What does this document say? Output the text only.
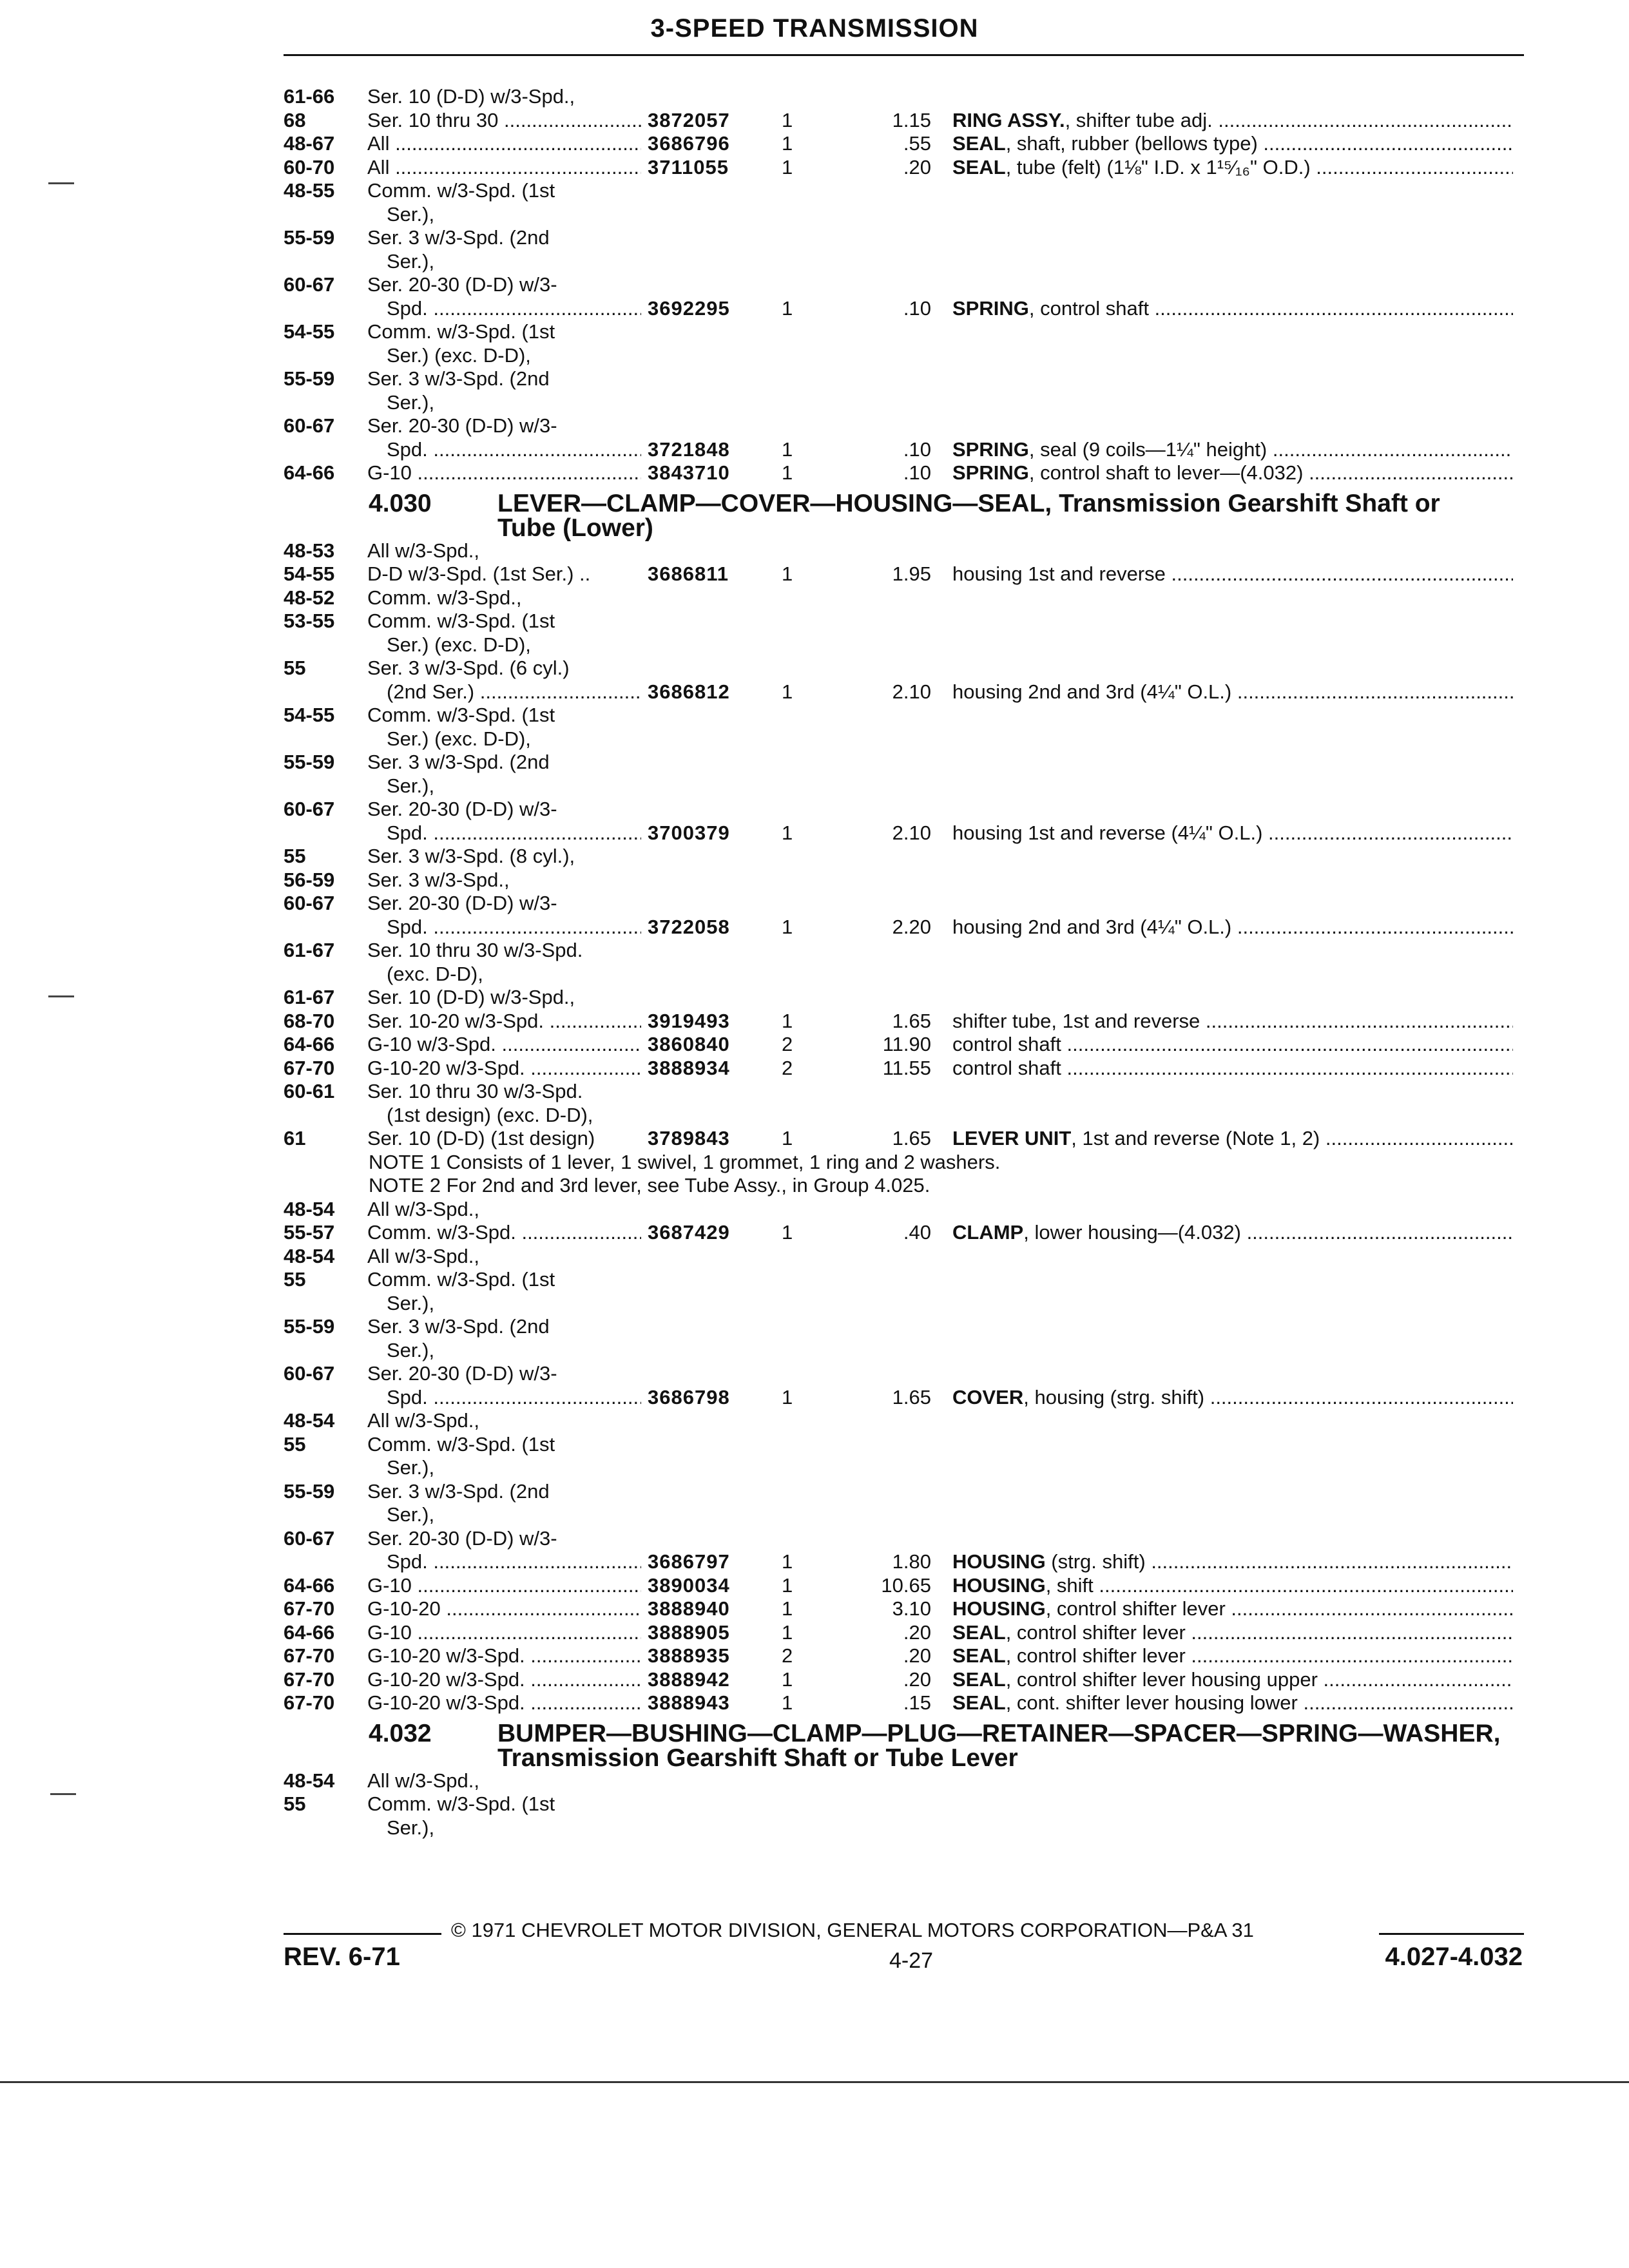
3-SPEED TRANSMISSION
61-66 Ser. 10 (D-D) w/3-Spd.,
68	Ser. 10 thru 30 .....	3872057	1	1.15 RING ASSY., shifter tube adj. .....
48-67 All .....	3686796	1	.55 SEAL, shaft, rubber (bellows type) .....
60-70 All .....	3711055	1	.20 SEAL, tube (felt) (1⅛" I.D. x 1¹⁵⁄₁₆" O.D.) .....
48-55 Comm. w/3-Spd. (1st
Ser.),
55-59 Ser. 3 w/3-Spd. (2nd
Ser.),
60-67 Ser. 20-30 (D-D) w/3-
Spd. .....	3692295	1	.10 SPRING, control shaft .....
54-55 Comm. w/3-Spd. (1st
Ser.) (exc. D-D),
55-59 Ser. 3 w/3-Spd. (2nd
Ser.),
60-67 Ser. 20-30 (D-D) w/3-
Spd. .....	3721848	1	.10 SPRING, seal (9 coils—1¼" height) .....
64-66 G-10 .....	3843710	1	.10 SPRING, control shaft to lever—(4.032) .....
4.030	LEVER—CLAMP—COVER—HOUSING—SEAL, Transmission Gearshift Shaft or Tube (Lower)
48-53 All w/3-Spd.,
54-55 D-D w/3-Spd. (1st Ser.) ..	3686811	1	1.95 housing 1st and reverse .....
48-52 Comm. w/3-Spd.,
53-55 Comm. w/3-Spd. (1st
Ser.) (exc. D-D),
55	Ser. 3 w/3-Spd. (6 cyl.)
(2nd Ser.) .....	3686812	1	2.10 housing 2nd and 3rd (4¼" O.L.) .....
54-55 Comm. w/3-Spd. (1st
Ser.) (exc. D-D),
55-59 Ser. 3 w/3-Spd. (2nd
Ser.),
60-67 Ser. 20-30 (D-D) w/3-
Spd. .....	3700379	1	2.10 housing 1st and reverse (4¼" O.L.) .....
55	Ser. 3 w/3-Spd. (8 cyl.),
56-59 Ser. 3 w/3-Spd.,
60-67 Ser. 20-30 (D-D) w/3-
Spd. .....	3722058	1	2.20 housing 2nd and 3rd (4¼" O.L.) .....
61-67 Ser. 10 thru 30 w/3-Spd.
(exc. D-D),
61-67 Ser. 10 (D-D) w/3-Spd.,
68-70 Ser. 10-20 w/3-Spd. .....	3919493	1	1.65 shifter tube, 1st and reverse .....
64-66 G-10 w/3-Spd. .....	3860840	2	11.90 control shaft .....
67-70 G-10-20 w/3-Spd. .....	3888934	2	11.55 control shaft .....
60-61 Ser. 10 thru 30 w/3-Spd.
(1st design) (exc. D-D),
61	Ser. 10 (D-D) (1st design)	3789843	1	1.65 LEVER UNIT, 1st and reverse (Note 1, 2) .....
NOTE 1 Consists of 1 lever, 1 swivel, 1 grommet, 1 ring and 2 washers.
NOTE 2 For 2nd and 3rd lever, see Tube Assy., in Group 4.025.
48-54 All w/3-Spd.,
55-57 Comm. w/3-Spd. .....	3687429	1	.40 CLAMP, lower housing—(4.032) .....
48-54 All w/3-Spd.,
55	Comm. w/3-Spd. (1st
Ser.),
55-59 Ser. 3 w/3-Spd. (2nd
Ser.),
60-67 Ser. 20-30 (D-D) w/3-
Spd. .....	3686798	1	1.65 COVER, housing (strg. shift) .....
48-54 All w/3-Spd.,
55	Comm. w/3-Spd. (1st
Ser.),
55-59 Ser. 3 w/3-Spd. (2nd
Ser.),
60-67 Ser. 20-30 (D-D) w/3-
Spd. .....	3686797	1	1.80 HOUSING (strg. shift) .....
64-66 G-10 .....	3890034	1	10.65 HOUSING, shift .....
67-70 G-10-20 .....	3888940	1	3.10 HOUSING, control shifter lever .....
64-66 G-10 .....	3888905	1	.20 SEAL, control shifter lever .....
67-70 G-10-20 w/3-Spd. .....	3888935	2	.20 SEAL, control shifter lever .....
67-70 G-10-20 w/3-Spd. .....	3888942	1	.20 SEAL, control shifter lever housing upper .....
67-70 G-10-20 w/3-Spd. .....	3888943	1	.15 SEAL, cont. shifter lever housing lower .....
4.032	BUMPER—BUSHING—CLAMP—PLUG—RETAINER—SPACER—SPRING—WASHER, Transmission Gearshift Shaft or Tube Lever
48-54 All w/3-Spd.,
55	Comm. w/3-Spd. (1st
Ser.),
© 1971 CHEVROLET MOTOR DIVISION, GENERAL MOTORS CORPORATION—P&A 31
REV. 6-71	4-27	4.027-4.032
